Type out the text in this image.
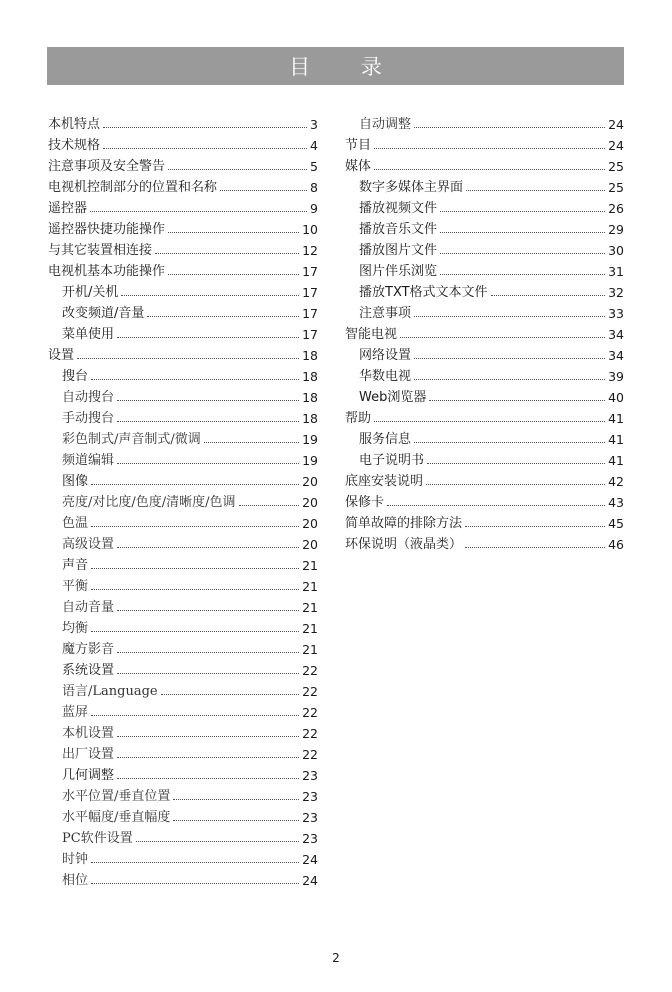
目 录
本机特点	3
技术规格	4
注意事项及安全警告	5
电视机控制部分的位置和名称	8
遥控器	9
遥控器快捷功能操作	10
与其它装置相连接	12
电视机基本功能操作	17
开机/关机	17
改变频道/音量	17
菜单使用	17
设置	18
搜台	18
自动搜台	18
手动搜台	18
彩色制式/声音制式/微调	19
频道编辑	19
图像	20
亮度/对比度/色度/清晰度/色调	20
色温	20
高级设置	20
声音	21
平衡	21
自动音量	21
均衡	21
魔方影音	21
系统设置	22
语言/Language	22
蓝屏	22
本机设置	22
出厂设置	22
几何调整	23
水平位置/垂直位置	23
水平幅度/垂直幅度	23
PC软件设置	23
时钟	24
相位	24
自动调整	24
节目	24
媒体	25
数字多媒体主界面	25
播放视频文件	26
播放音乐文件	29
播放图片文件	30
图片伴乐浏览	31
播放TXT格式文本文件	32
注意事项	33
智能电视	34
网络设置	34
华数电视	39
Web浏览器	40
帮助	41
服务信息	41
电子说明书	41
底座安装说明	42
保修卡	43
简单故障的排除方法	45
环保说明（液晶类）	46
2
